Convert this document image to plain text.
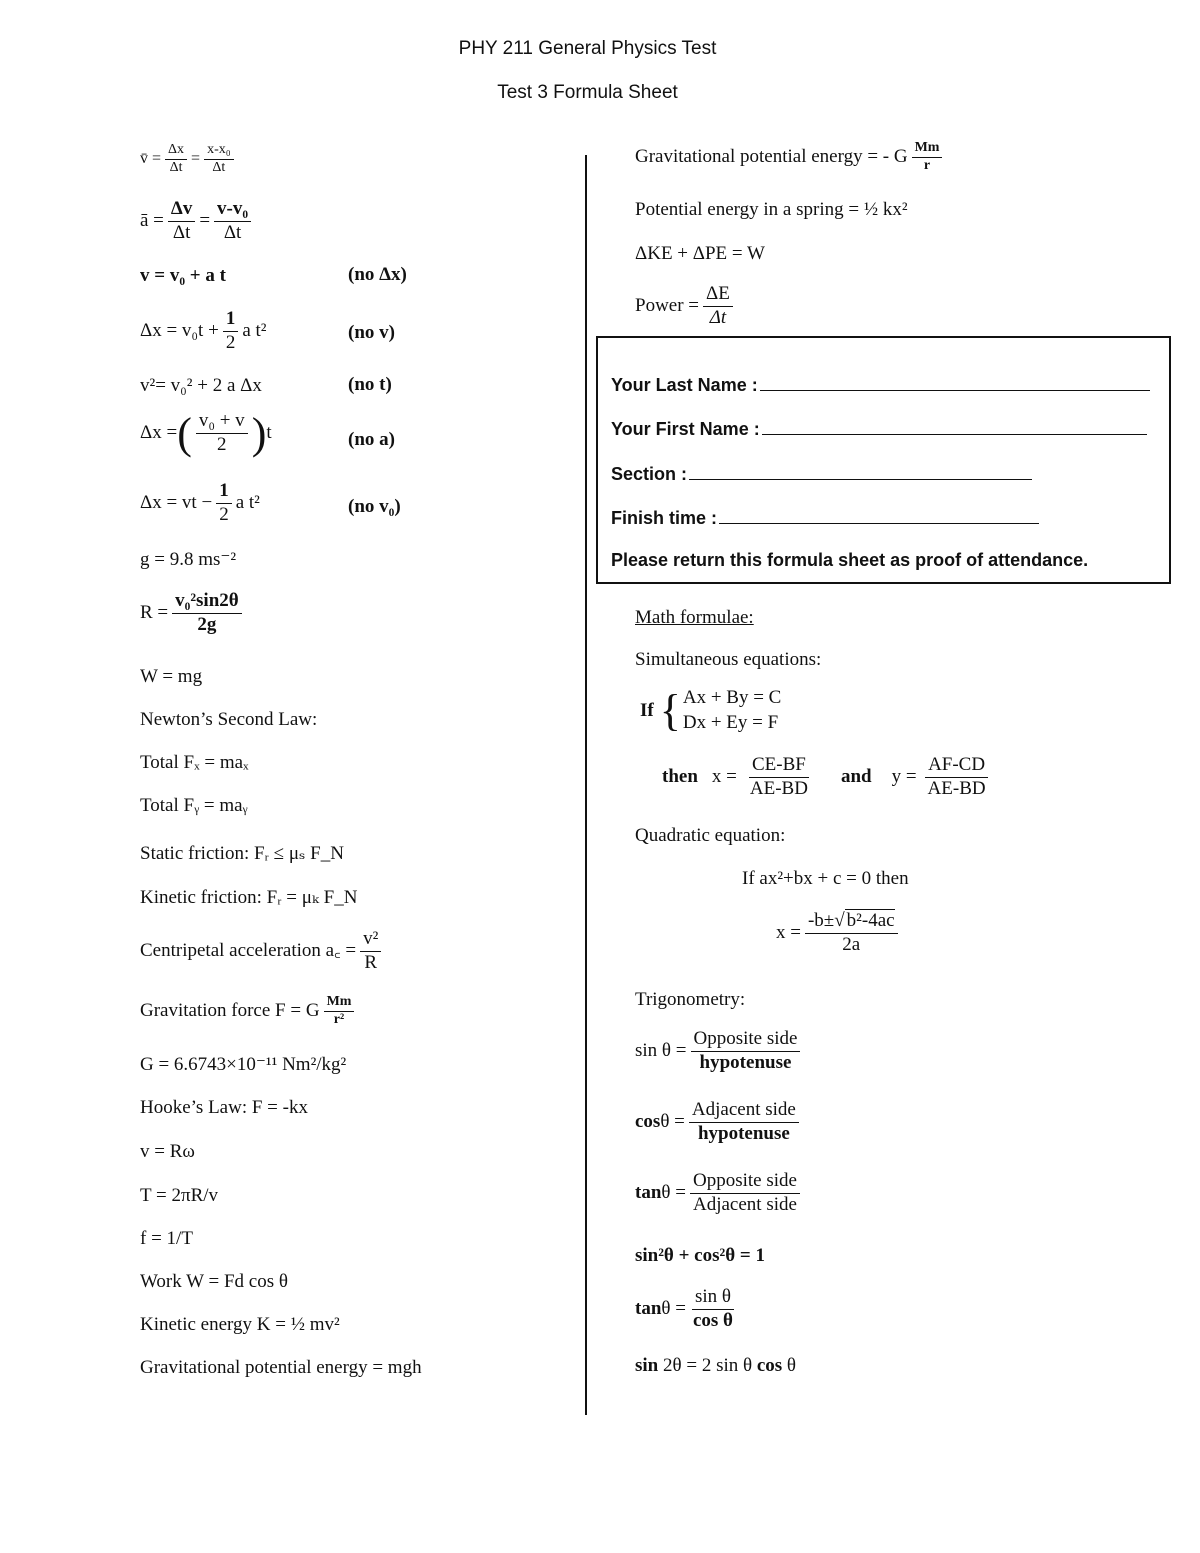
PHY 211 General Physics Test
Test 3 Formula Sheet
v̄ = $\frac{\Delta x}{\Delta t} = \frac{\text{x-x₀}}{\Delta t}$
ā = $\frac{\Delta v}{\Delta t} = \frac{\text{v-v₀}}{\Delta t}$
v = v₀ + a t	(no Δx)
$\Delta x = v_0t + \frac{1}{2}$ a t²	(no v)
v²= v₀² + 2 a Δx	(no t)
Δx = ( $\frac{\text{v₀ + v}}{2}$ ) t	(no a)
Δx = vt − $\frac{1}{2}$ a t²	(no v₀)
g = 9.8 ms⁻²
$R = \frac{\text{v₀²sin2θ}}{2g}$
W = mg
Newton’s Second Law:
Total Fₓ = maₓ
Total Fᵧ = maᵧ
Static friction: Fᵣ ≤ μₛ F_N
Kinetic friction: Fᵣ = μₖ F_N
Centripetal acceleration a꜀ = $\frac{\text{v²}}{R}$
Gravitation force F = G $\frac{Mm}{\text{r²}}$
G = 6.6743×10⁻¹¹ Nm²/kg²
Hooke’s Law: F = -kx
v = Rω
T = 2πR/v
f = 1/T
Work W = Fd cos θ
Kinetic energy K = ½ mv²
Gravitational potential energy = mgh
Gravitational potential energy = - G $\frac{Mm}{r}$
Potential energy in a spring = ½ kx²
ΔKE + ΔPE = W
Power = $\frac{\Delta E}{\Delta t}$
Your Last Name :
Your First Name :
Section :
Finish time :
Please return this formula sheet as proof of attendance.
Math formulae:
Simultaneous equations:
If { Ax + By = C
Dx + Ey = F
then $x = \frac{CE-BF}{AE-BD}$ and $y = \frac{AF-CD}{AE-BD}$
Quadratic equation:
If ax²+bx + c = 0 then
$x = \frac{\text{-b±√ b²-4ac}}{2a}$
Trigonometry:
$\sin \theta = \frac{\text{Opposite side}}{\text{hypotenuse}}$
$\cos \theta = \frac{\text{Adjacent side}}{\text{hypotenuse}}$
$\tan \theta = \frac{\text{Opposite side}}{\text{Adjacent side}}$
sin²θ + cos²θ = 1
$\tan \theta = \frac{\text{sin θ}}{\text{cos θ}}$
sin 2θ = 2 sin θ cos θ
